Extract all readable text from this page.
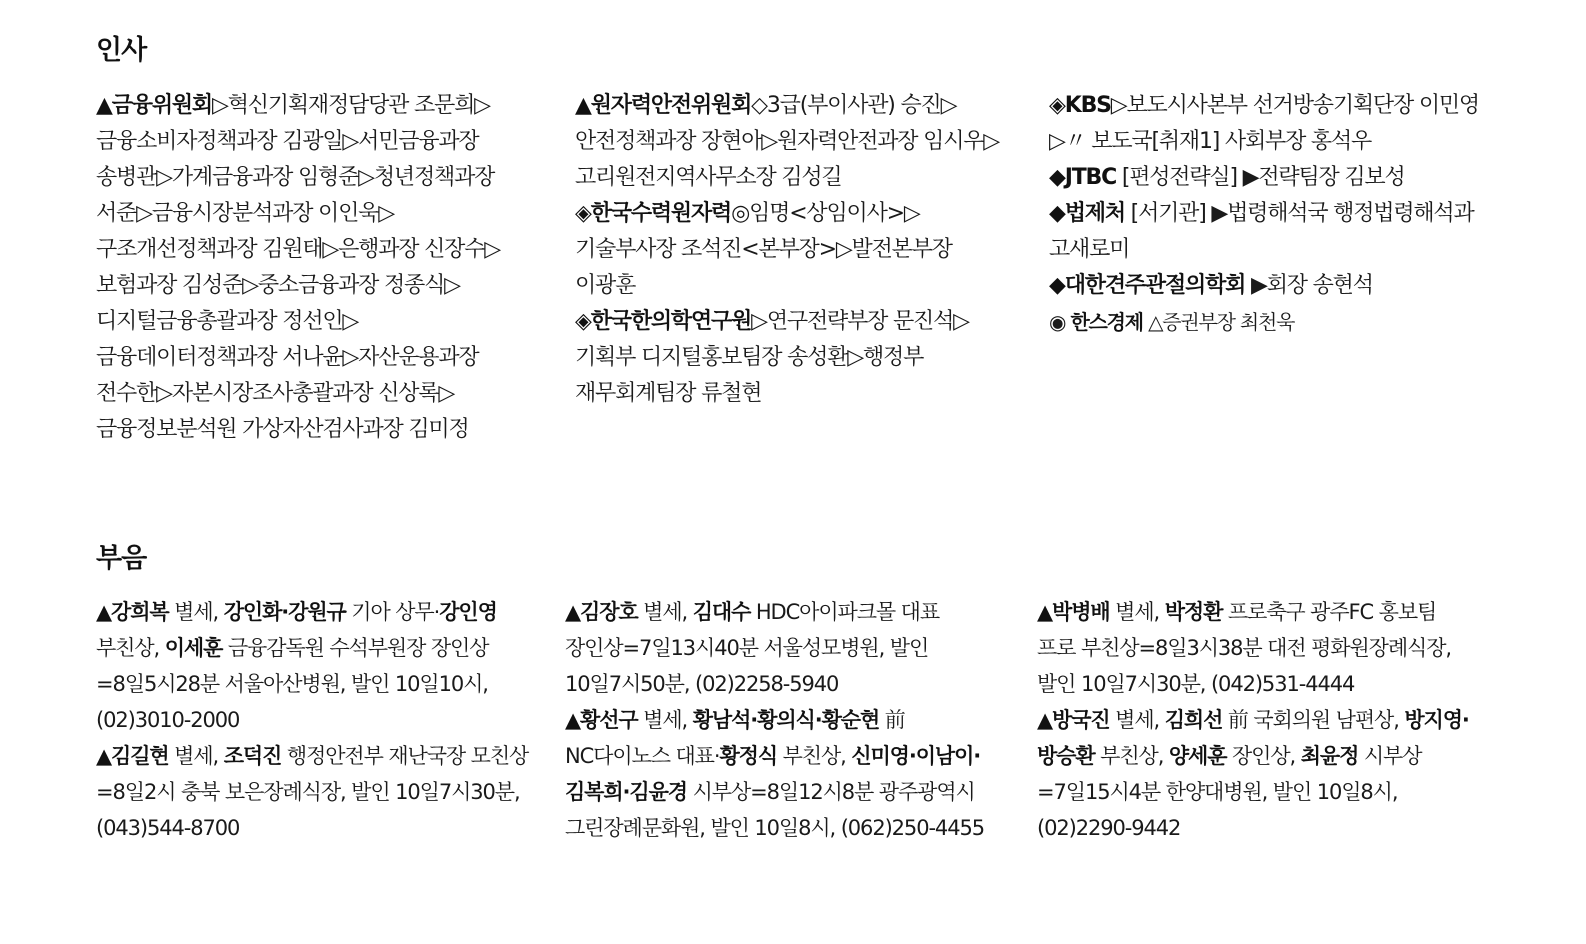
인사

▲금융위원회▷혁신기획재정담당관 조문희▷금융소비자정책과장 김광일▷서민금융과장 송병관▷가계금융과장 임형준▷청년정책과장 서준▷금융시장분석과장 이인욱▷구조개선정책과장 김원태▷은행과장 신장수▷보험과장 김성준▷중소금융과장 정종식▷디지털금융총괄과장 정선인▷금융데이터정책과장 서나윤▷자산운용과장 전수한▷자본시장조사총괄과장 신상록▷금융정보분석원 가상자산검사과장 김미정

▲원자력안전위원회◇3급(부이사관) 승진▷안전정책과장 장현아▷원자력안전과장 임시우▷고리원전지역사무소장 김성길

◈한국수력원자력◎임명<상임이사>▷기술부사장 조석진<본부장>▷발전본부장 이광훈

◈한국한의학연구원▷연구전략부장 문진석▷기획부 디지털홍보팀장 송성환▷행정부 재무회계팀장 류철현

◈KBS▷보도시사본부 선거방송기획단장 이민영▷〃 보도국[취재1] 사회부장 홍석우

◆JTBC [편성전략실] ▶전략팀장 김보성

◆법제처 [서기관] ▶법령해석국 행정법령해석과 고새로미

◆대한견주관절의학회 ▶회장 송현석

◉ 한스경제 △증권부장 최천욱

부음

▲강희복 별세, 강인화·강원규 기아 상무·강인영 부친상, 이세훈 금융감독원 수석부원장 장인상=8일5시28분 서울아산병원, 발인 10일10시, (02)3010-2000

▲김길현 별세, 조덕진 행정안전부 재난국장 모친상=8일2시 충북 보은장례식장, 발인 10일7시30분, (043)544-8700

▲김장호 별세, 김대수 HDC아이파크몰 대표 장인상=7일13시40분 서울성모병원, 발인 10일7시50분, (02)2258-5940

▲황선구 별세, 황남석·황의식·황순현 前 NC다이노스 대표·황정식 부친상, 신미영·이남이·김복희·김윤경 시부상=8일12시8분 광주광역시 그린장례문화원, 발인 10일8시, (062)250-4455

▲박병배 별세, 박정환 프로축구 광주FC 홍보팀 프로 부친상=8일3시38분 대전 평화원장례식장, 발인 10일7시30분, (042)531-4444

▲방국진 별세, 김희선 前 국회의원 남편상, 방지영·방승환 부친상, 양세훈 장인상, 최윤정 시부상=7일15시4분 한양대병원, 발인 10일8시, (02)2290-9442
